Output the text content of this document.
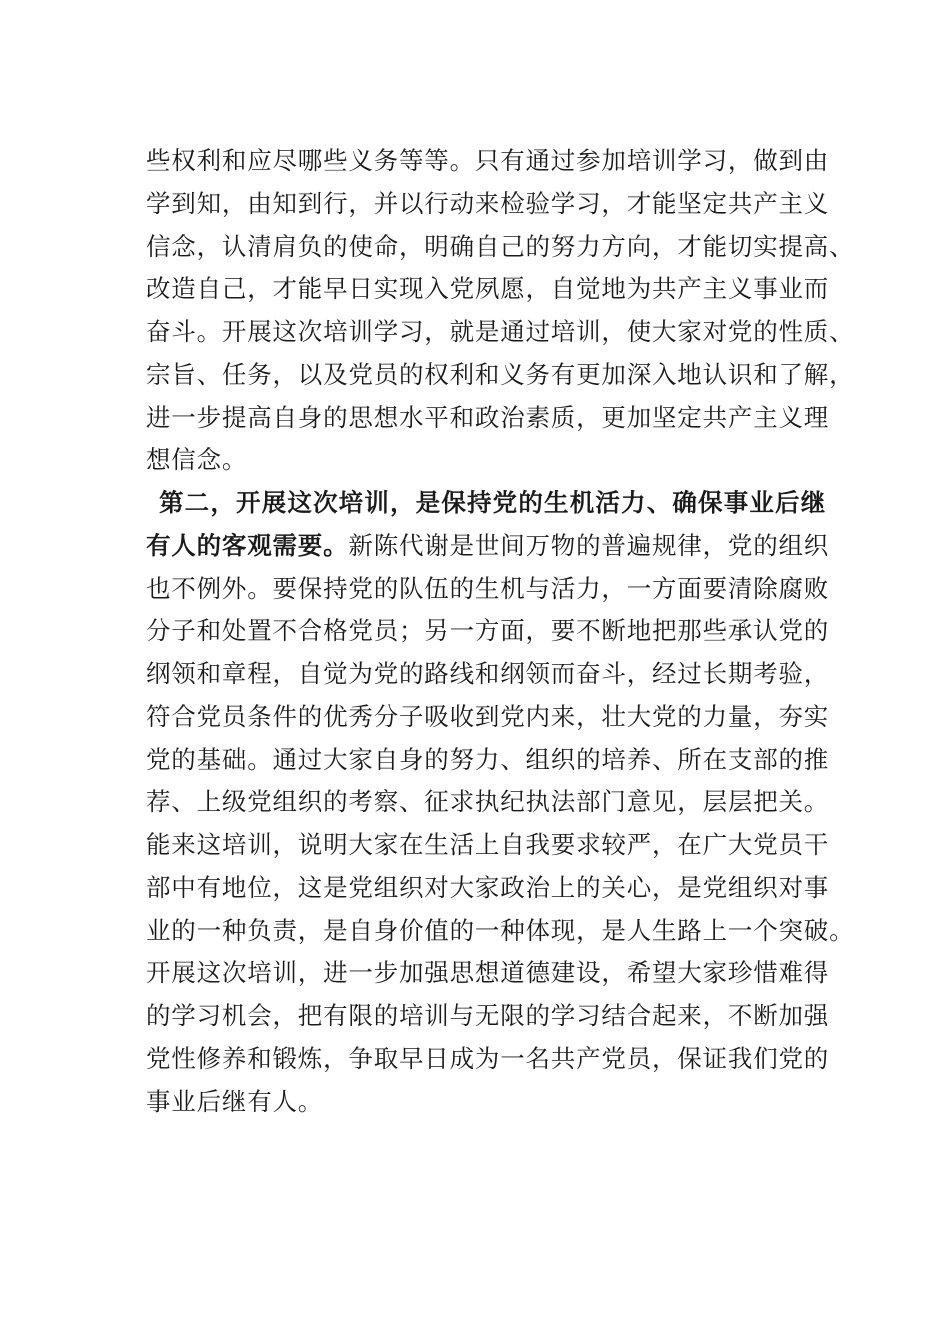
些权利和应尽哪些义务等等。只有通过参加培训学习，做到由
学到知，由知到行，并以行动来检验学习，才能坚定共产主义
信念，认清肩负的使命，明确自己的努力方向，才能切实提高、
改造自己，才能早日实现入党夙愿，自觉地为共产主义事业而
奋斗。开展这次培训学习，就是通过培训，使大家对党的性质、
宗旨、任务，以及党员的权利和义务有更加深入地认识和了解，
进一步提高自身的思想水平和政治素质，更加坚定共产主义理
想信念。
第二，开展这次培训，是保持党的生机活力、确保事业后继
有人的客观需要。新陈代谢是世间万物的普遍规律，党的组织
也不例外。要保持党的队伍的生机与活力，一方面要清除腐败
分子和处置不合格党员；另一方面，要不断地把那些承认党的
纲领和章程，自觉为党的路线和纲领而奋斗，经过长期考验，
符合党员条件的优秀分子吸收到党内来，壮大党的力量，夯实
党的基础。通过大家自身的努力、组织的培养、所在支部的推
荐、上级党组织的考察、征求执纪执法部门意见，层层把关。
能来这培训，说明大家在生活上自我要求较严，在广大党员干
部中有地位，这是党组织对大家政治上的关心，是党组织对事
业的一种负责，是自身价值的一种体现，是人生路上一个突破。
开展这次培训，进一步加强思想道德建设，希望大家珍惜难得
的学习机会，把有限的培训与无限的学习结合起来，不断加强
党性修养和锻炼，争取早日成为一名共产党员，保证我们党的
事业后继有人。
